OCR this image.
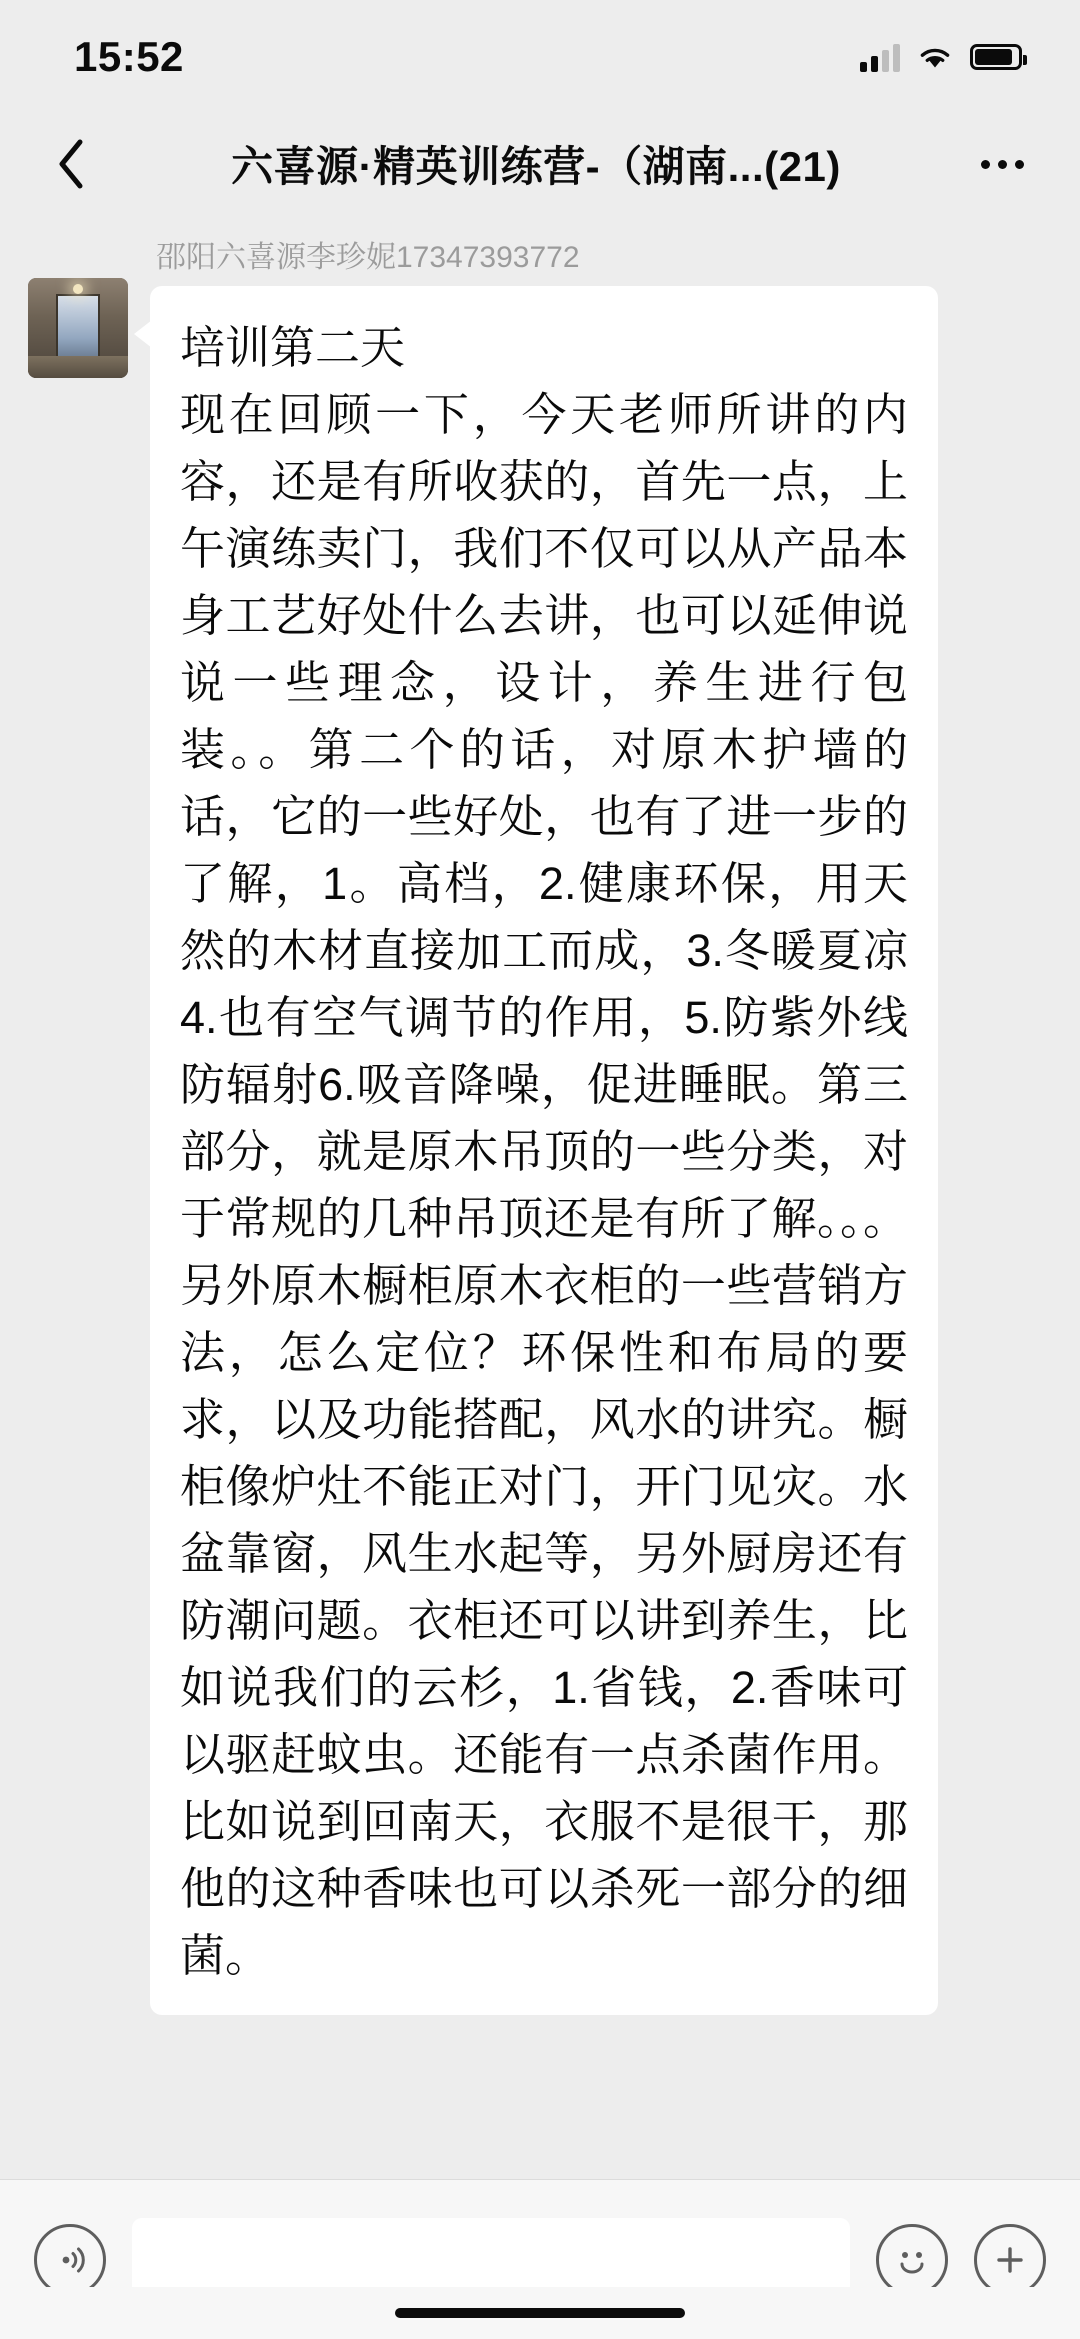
15:52
六喜源·精英训练营-（湖南...(21)
邵阳六喜源李珍妮17347393772
培训第二天
现在回顾一下，今天老师所讲的内容，还是有所收获的，首先一点，上午演练卖门，我们不仅可以从产品本身工艺好处什么去讲，也可以延伸说说一些理念，设计，养生进行包装。。第二个的话，对原木护墙的话，它的一些好处，也有了进一步的了解，1。高档，2.健康环保，用天然的木材直接加工而成，3.冬暖夏凉4.也有空气调节的作用，5.防紫外线防辐射6.吸音降噪，促进睡眠。第三部分，就是原木吊顶的一些分类，对于常规的几种吊顶还是有所了解。。。另外原木橱柜原木衣柜的一些营销方法，怎么定位？环保性和布局的要求，以及功能搭配，风水的讲究。橱柜像炉灶不能正对门，开门见灾。水盆靠窗，风生水起等，另外厨房还有防潮问题。衣柜还可以讲到养生，比如说我们的云杉，1.省钱，2.香味可以驱赶蚊虫。还能有一点杀菌作用。比如说到回南天，衣服不是很干，那他的这种香味也可以杀死一部分的细菌。
